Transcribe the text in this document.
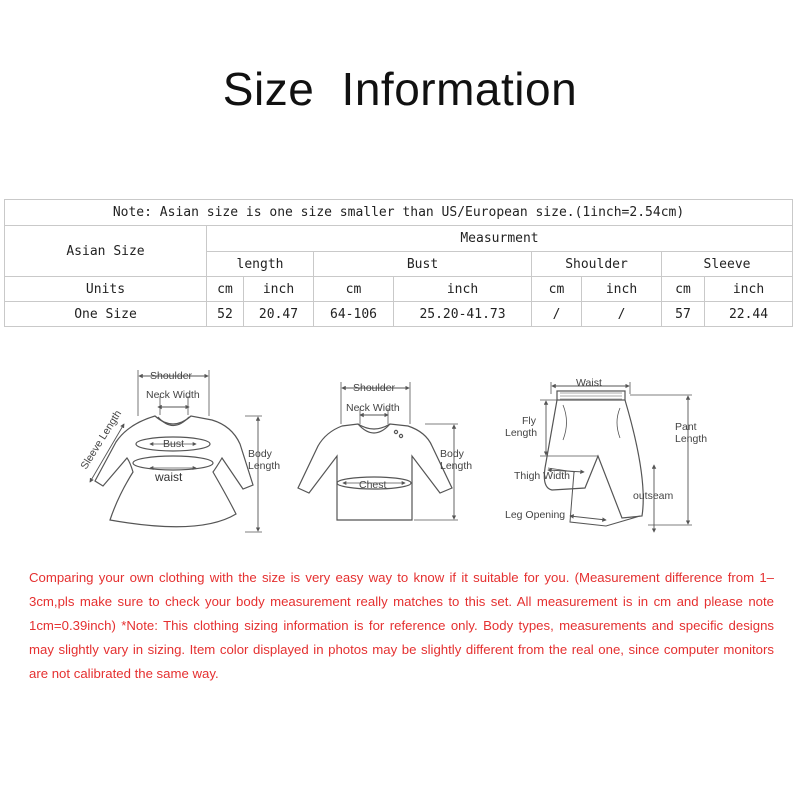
Size Information
Note: Asian size is one size smaller than US/European size.(1inch=2.54cm)								
Asian Size	Measurment							
	length		Bust		Shoulder		Sleeve	
Units	cm	inch	cm	inch	cm	inch	cm	inch
One Size	52	20.47	64-106	25.20-41.73	/	/	57	22.44
Shoulder
Neck Width
Sleeve Length	Bust
waist
Body
Length
Shoulder
Neck Width
Chest
Body
Length
Waist
Fly
Length	Pant
Length
Thigh Width
outseam
Leg Opening
Comparing your own clothing with the size is very easy way to know if it suitable for you. (Measurement difference from 1– 3cm,pls make sure to check your body measurement really matches to this set. All measurement is in cm and please note 1cm=0.39inch) *Note: This clothing sizing information is for reference only. Body types, measurements and specific designs may slightly vary in sizing. Item color displayed in photos may be slightly different from the real one, since computer monitors are not calibrated the same way.
